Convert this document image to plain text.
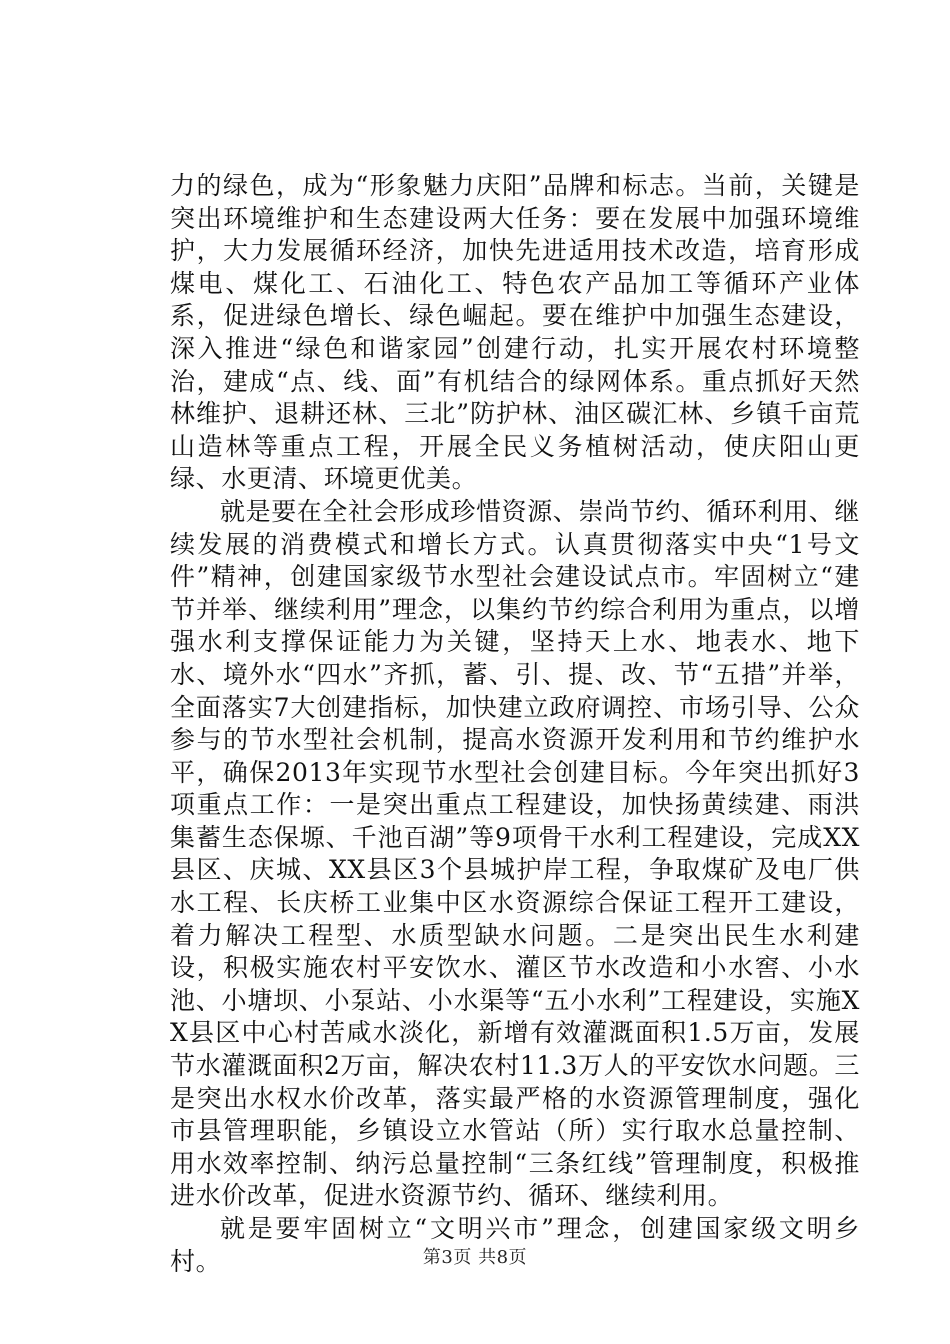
力的绿色，成为“形象魅力庆阳”品牌和标志。当前，关键是突出环境维护和生态建设两大任务：要在发展中加强环境维护，大力发展循环经济，加快先进适用技术改造，培育形成煤电、煤化工、石油化工、特色农产品加工等循环产业体系，促进绿色增长、绿色崛起。要在维护中加强生态建设，深入推进“绿色和谐家园”创建行动，扎实开展农村环境整治，建成“点、线、面”有机结合的绿网体系。重点抓好天然林维护、退耕还林、三北”防护林、油区碳汇林、乡镇千亩荒山造林等重点工程，开展全民义务植树活动，使庆阳山更绿、水更清、环境更优美。

就是要在全社会形成珍惜资源、崇尚节约、循环利用、继续发展的消费模式和增长方式。认真贯彻落实中央“1号文件”精神，创建国家级节水型社会建设试点市。牢固树立“建节并举、继续利用”理念，以集约节约综合利用为重点，以增强水利支撑保证能力为关键，坚持天上水、地表水、地下水、境外水“四水”齐抓，蓄、引、提、改、节“五措”并举，全面落实7大创建指标，加快建立政府调控、市场引导、公众参与的节水型社会机制，提高水资源开发利用和节约维护水平，确保2013年实现节水型社会创建目标。今年突出抓好3项重点工作：一是突出重点工程建设，加快扬黄续建、雨洪集蓄生态保塬、千池百湖”等9项骨干水利工程建设，完成XX县区、庆城、XX县区3个县城护岸工程，争取煤矿及电厂供水工程、长庆桥工业集中区水资源综合保证工程开工建设，着力解决工程型、水质型缺水问题。二是突出民生水利建设，积极实施农村平安饮水、灌区节水改造和小水窖、小水池、小塘坝、小泵站、小水渠等“五小水利”工程建设，实施XX县区中心村苦咸水淡化，新增有效灌溉面积1.5万亩，发展节水灌溉面积2万亩，解决农村11.3万人的平安饮水问题。三是突出水权水价改革，落实最严格的水资源管理制度，强化市县管理职能，乡镇设立水管站（所）实行取水总量控制、用水效率控制、纳污总量控制“三条红线”管理制度，积极推进水价改革，促进水资源节约、循环、继续利用。

就是要牢固树立“文明兴市”理念，创建国家级文明乡村。	第3页 共8页
